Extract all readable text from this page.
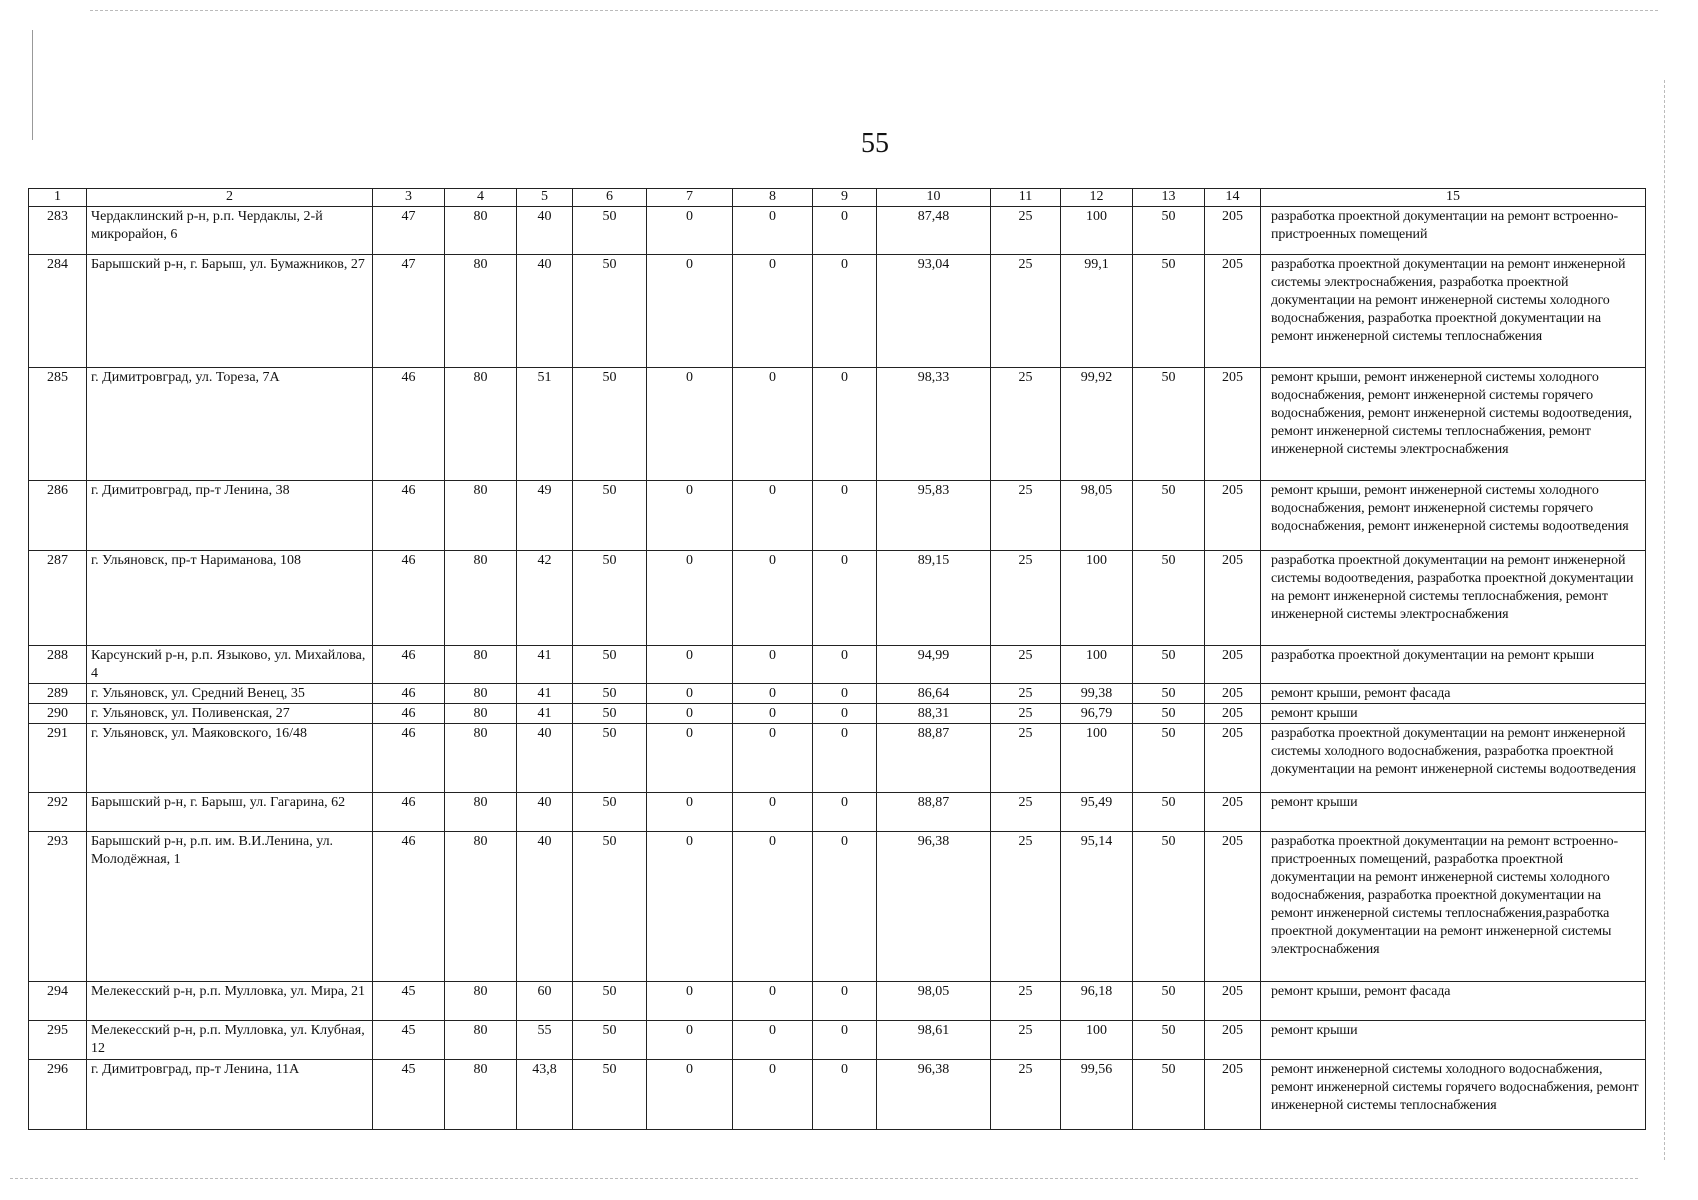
55
1	2	3	4	5	6	7	8	9	10	11	12	13	14	15
283	Чердаклинский р-н, р.п. Чердаклы, 2-й микрорайон, 6	47	80	40	50	0	0	0	87,48	25	100	50	205	разработка проектной документации на ремонт встроенно-пристроенных помещений
284	Барышский р-н, г. Барыш, ул. Бумажников, 27	47	80	40	50	0	0	0	93,04	25	99,1	50	205	разработка проектной документации на ремонт инженерной системы электроснабжения, разработка проектной документации на ремонт инженерной системы холодного водоснабжения, разработка проектной документации на ремонт инженерной системы теплоснабжения
285	г. Димитровград, ул. Тореза, 7А	46	80	51	50	0	0	0	98,33	25	99,92	50	205	ремонт крыши, ремонт инженерной системы холодного водоснабжения, ремонт инженерной системы горячего водоснабжения, ремонт инженерной системы водоотведения, ремонт инженерной системы теплоснабжения, ремонт инженерной системы электроснабжения
286	г. Димитровград, пр-т Ленина, 38	46	80	49	50	0	0	0	95,83	25	98,05	50	205	ремонт крыши, ремонт инженерной системы холодного водоснабжения, ремонт инженерной системы горячего водоснабжения, ремонт инженерной системы водоотведения
287	г. Ульяновск, пр-т Нариманова, 108	46	80	42	50	0	0	0	89,15	25	100	50	205	разработка проектной документации на ремонт инженерной системы водоотведения, разработка проектной документации на ремонт инженерной системы теплоснабжения, ремонт инженерной системы электроснабжения
288	Карсунский р-н, р.п. Языково, ул. Михайлова, 4	46	80	41	50	0	0	0	94,99	25	100	50	205	разработка проектной документации на ремонт крыши
289	г. Ульяновск, ул. Средний Венец, 35	46	80	41	50	0	0	0	86,64	25	99,38	50	205	ремонт крыши, ремонт фасада
290	г. Ульяновск, ул. Поливенская, 27	46	80	41	50	0	0	0	88,31	25	96,79	50	205	ремонт крыши
291	г. Ульяновск, ул. Маяковского, 16/48	46	80	40	50	0	0	0	88,87	25	100	50	205	разработка проектной документации на ремонт инженерной системы холодного водоснабжения, разработка проектной документации на ремонт инженерной системы водоотведения
292	Барышский р-н, г. Барыш, ул. Гагарина, 62	46	80	40	50	0	0	0	88,87	25	95,49	50	205	ремонт крыши
293	Барышский р-н, р.п. им. В.И.Ленина, ул. Молодёжная, 1	46	80	40	50	0	0	0	96,38	25	95,14	50	205	разработка проектной документации на ремонт встроенно-пристроенных помещений, разработка проектной документации на ремонт инженерной системы холодного водоснабжения, разработка проектной документации на ремонт инженерной системы теплоснабжения,разработка проектной документации на ремонт инженерной системы электроснабжения
294	Мелекесский р-н, р.п. Мулловка, ул. Мира, 21	45	80	60	50	0	0	0	98,05	25	96,18	50	205	ремонт крыши, ремонт фасада
295	Мелекесский р-н, р.п. Мулловка, ул. Клубная, 12	45	80	55	50	0	0	0	98,61	25	100	50	205	ремонт крыши
296	г. Димитровград, пр-т Ленина, 11А	45	80	43,8	50	0	0	0	96,38	25	99,56	50	205	ремонт инженерной системы холодного водоснабжения, ремонт инженерной системы горячего водоснабжения, ремонт инженерной системы теплоснабжения
